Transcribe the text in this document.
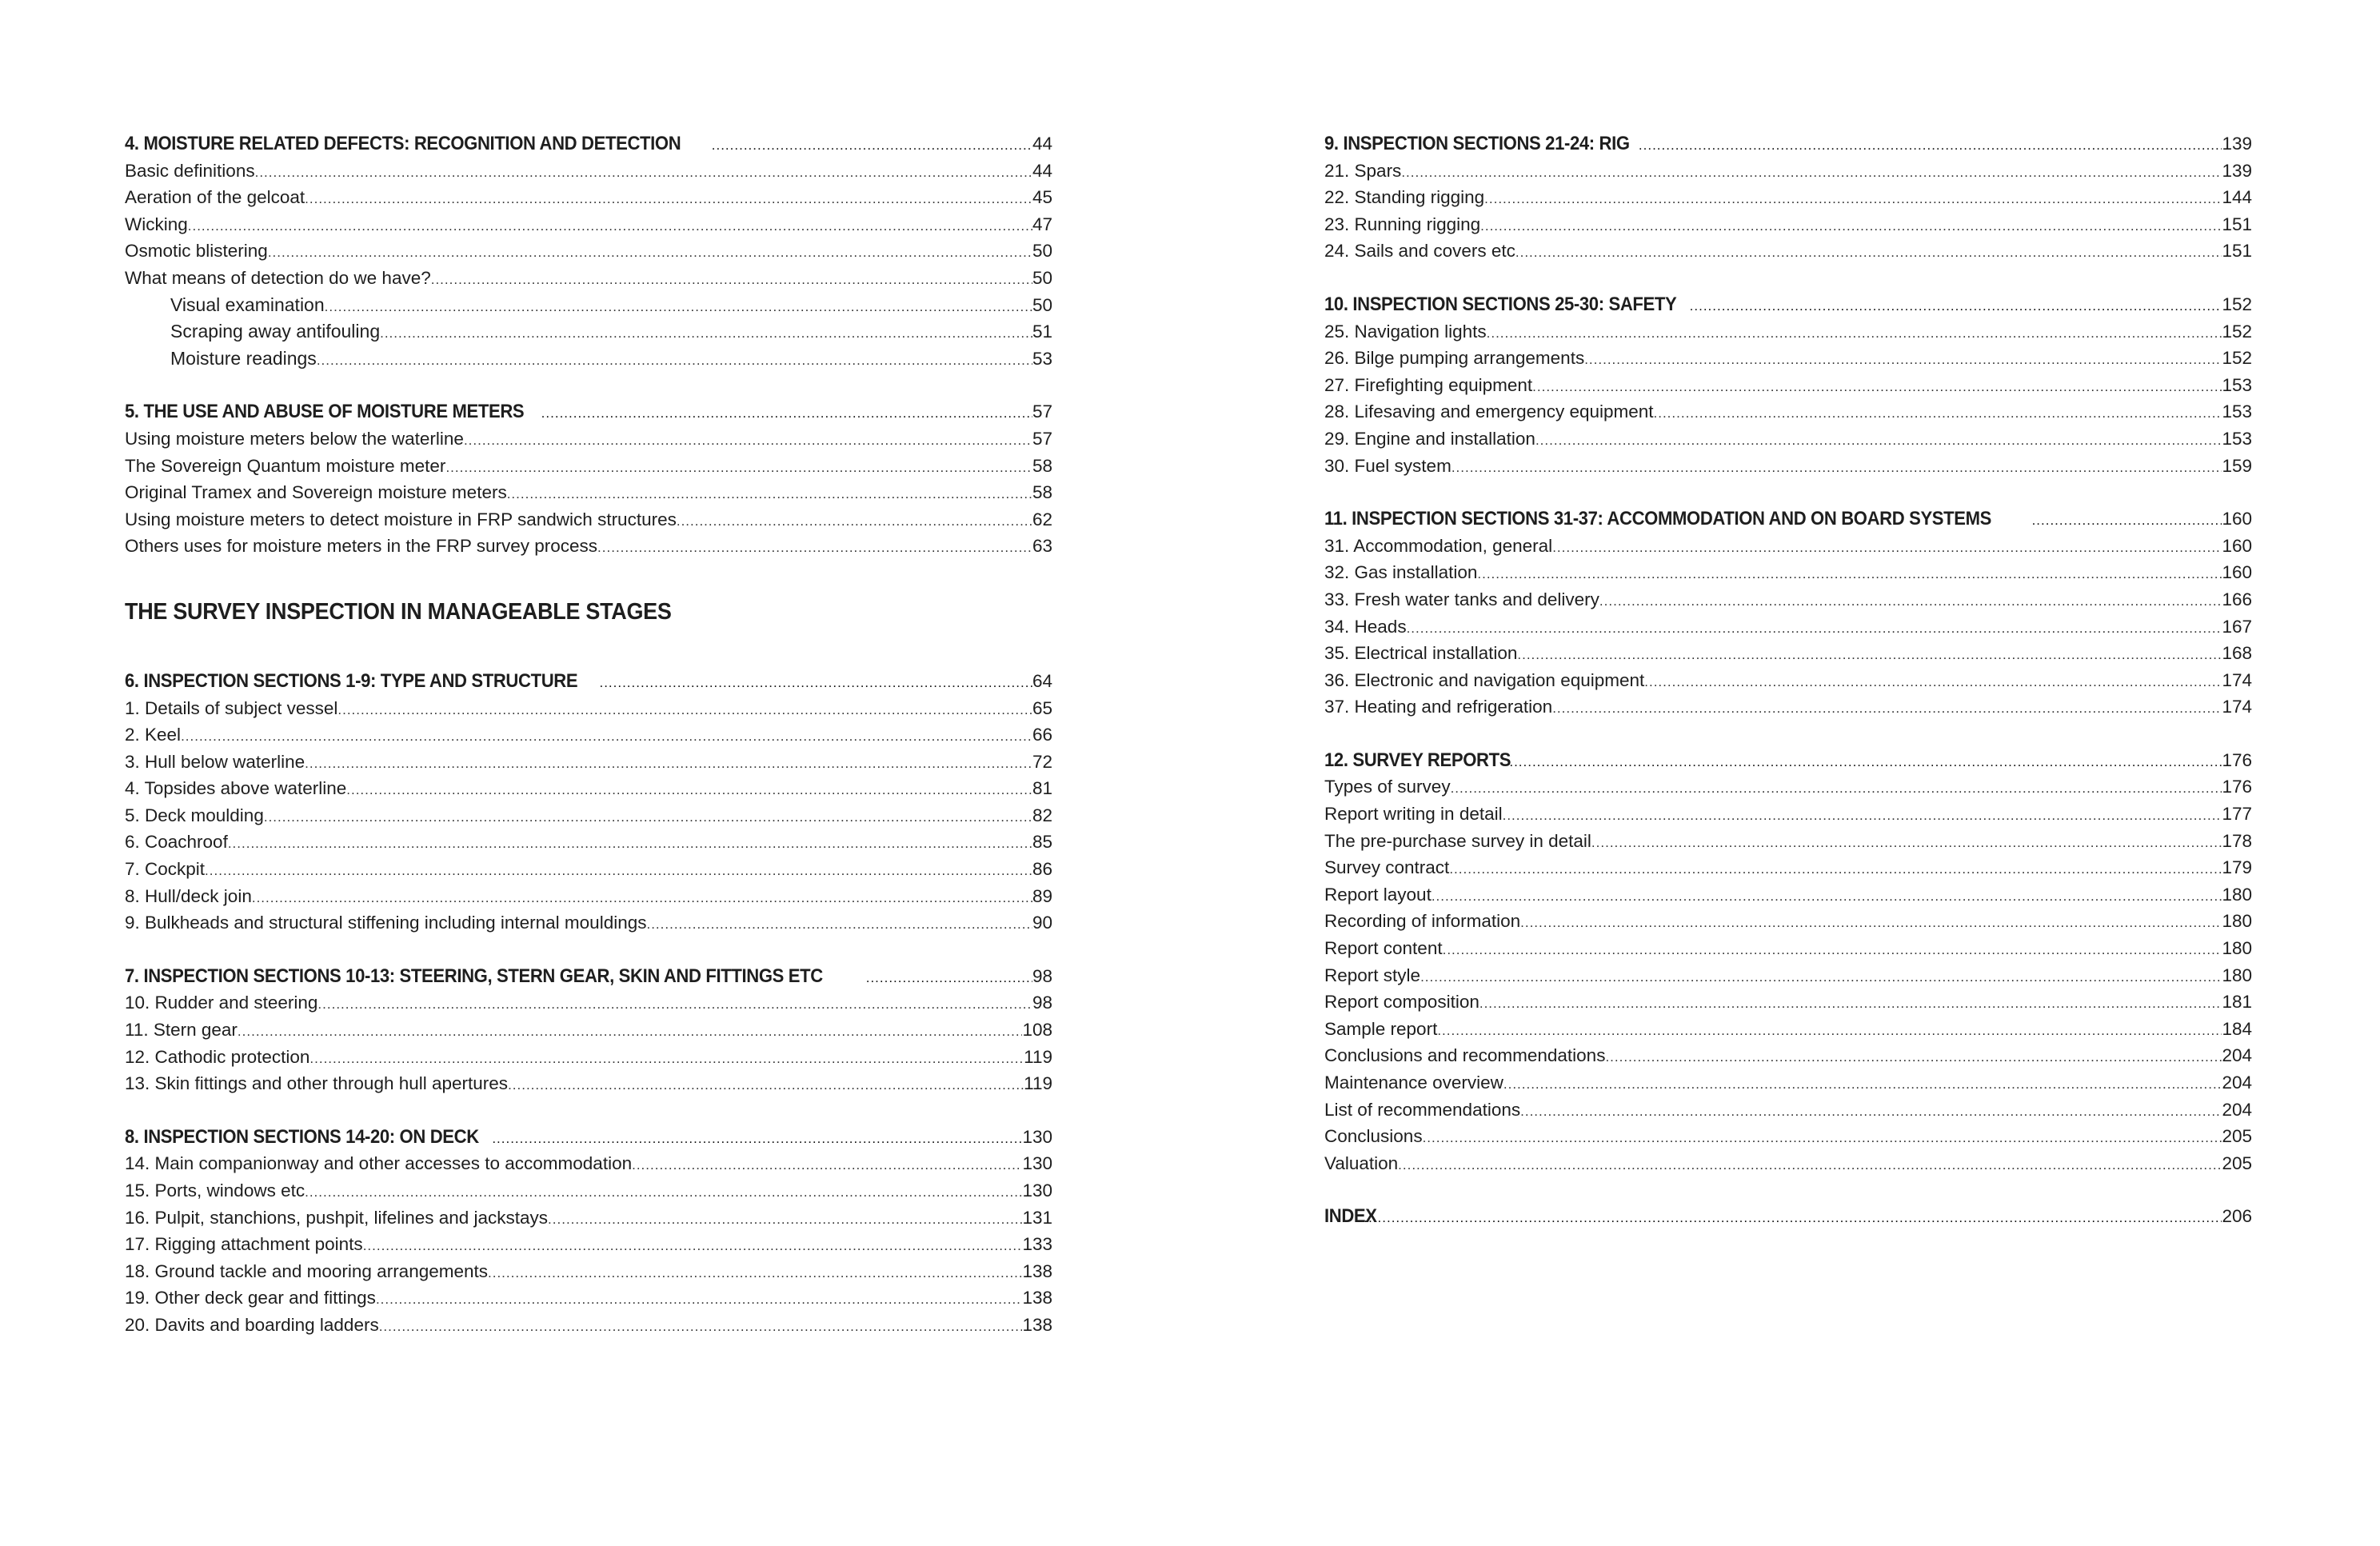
4. MOISTURE RELATED DEFECTS: RECOGNITION AND DETECTION .....	44
Basic definitions .....	44
Aeration of the gelcoat .....	45
Wicking .....	47
Osmotic blistering .....	50
What means of detection do we have? .....	50
Visual examination .....	50
Scraping away antifouling .....	51
Moisture readings .....	53
5. THE USE AND ABUSE OF MOISTURE METERS .....	57
Using moisture meters below the waterline .....	57
The Sovereign Quantum moisture meter .....	58
Original Tramex and Sovereign moisture meters .....	58
Using moisture meters to detect moisture in FRP sandwich structures .....	62
Others uses for moisture meters in the FRP survey process .....	63
THE SURVEY INSPECTION IN MANAGEABLE STAGES
6. INSPECTION SECTIONS 1-9: TYPE AND STRUCTURE .....	64
1. Details of subject vessel .....	65
2. Keel .....	66
3. Hull below waterline .....	72
4. Topsides above waterline .....	81
5. Deck moulding .....	82
6. Coachroof .....	85
7. Cockpit .....	86
8. Hull/deck join .....	89
9. Bulkheads and structural stiffening including internal mouldings .....	90
7. INSPECTION SECTIONS 10-13: STEERING, STERN GEAR, SKIN AND FITTINGS ETC .....	98
10. Rudder and steering .....	98
11. Stern gear .....	108
12. Cathodic protection .....	119
13. Skin fittings and other through hull apertures .....	119
8. INSPECTION SECTIONS 14-20: ON DECK .....	130
14. Main companionway and other accesses to accommodation .....	130
15. Ports, windows etc .....	130
16. Pulpit, stanchions, pushpit, lifelines and jackstays .....	131
17. Rigging attachment points .....	133
18. Ground tackle and mooring arrangements .....	138
19. Other deck gear and fittings .....	138
20. Davits and boarding ladders .....	138
9. INSPECTION SECTIONS 21-24: RIG .....	139
21. Spars .....	139
22. Standing rigging .....	144
23. Running rigging .....	151
24. Sails and covers etc .....	151
10. INSPECTION SECTIONS 25-30: SAFETY .....	152
25. Navigation lights .....	152
26. Bilge pumping arrangements .....	152
27. Firefighting equipment .....	153
28. Lifesaving and emergency equipment .....	153
29. Engine and installation .....	153
30. Fuel system .....	159
11. INSPECTION SECTIONS 31-37: ACCOMMODATION AND ON BOARD SYSTEMS .....	160
31. Accommodation, general .....	160
32. Gas installation .....	160
33. Fresh water tanks and delivery .....	166
34. Heads .....	167
35. Electrical installation .....	168
36. Electronic and navigation equipment .....	174
37. Heating and refrigeration .....	174
12. SURVEY REPORTS .....	176
Types of survey .....	176
Report writing in detail .....	177
The pre-purchase survey in detail .....	178
Survey contract .....	179
Report layout .....	180
Recording of information .....	180
Report content .....	180
Report style .....	180
Report composition .....	181
Sample report .....	184
Conclusions and recommendations .....	204
Maintenance overview .....	204
List of recommendations .....	204
Conclusions .....	205
Valuation .....	205
INDEX .....	206
